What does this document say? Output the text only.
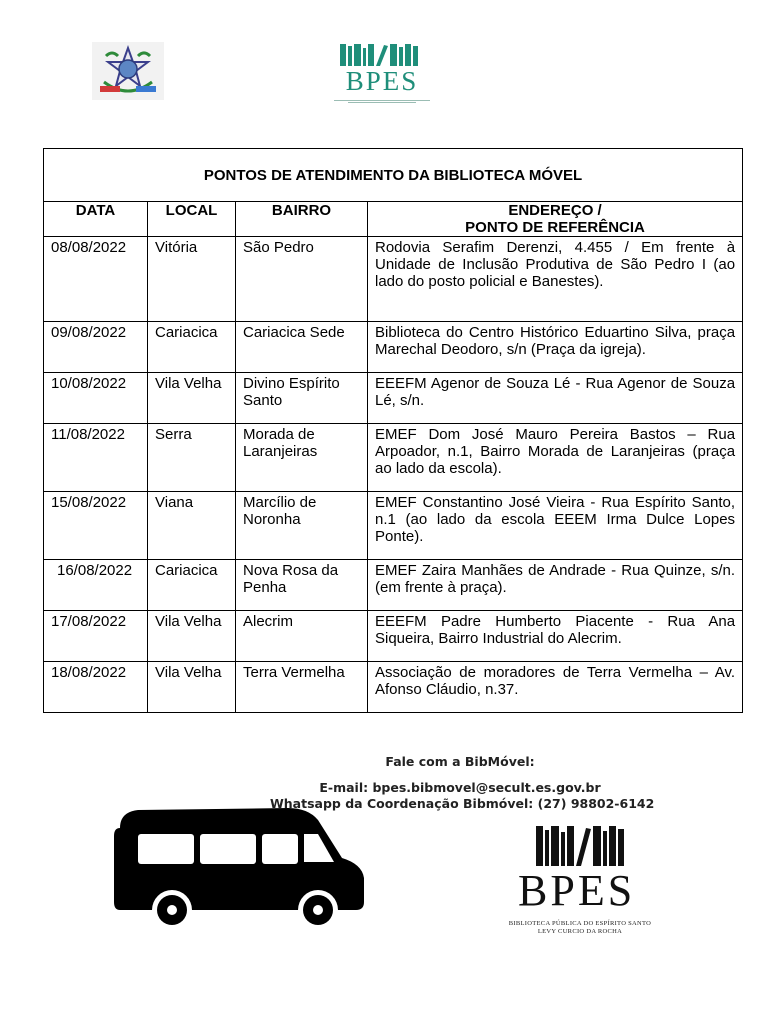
BPES
PONTOS DE ATENDIMENTO DA BIBLIOTECA MÓVEL			
DATA	LOCAL	BAIRRO	ENDEREÇO /
PONTO DE REFERÊNCIA

08/08/2022	Vitória	São Pedro	Rodovia Serafim Derenzi, 4.455 / Em frente à Unidade de Inclusão Produtiva de São Pedro I (ao lado do posto policial e Banestes).

09/08/2022	Cariacica	Cariacica Sede	Biblioteca do Centro Histórico Eduartino Silva, praça Marechal Deodoro, s/n (Praça da igreja).

10/08/2022	Vila Velha	Divino Espírito Santo	EEEFM Agenor de Souza Lé - Rua Agenor de Souza Lé, s/n.

11/08/2022	Serra	Morada de Laranjeiras	EMEF Dom José Mauro Pereira Bastos – Rua Arpoador, n.1, Bairro Morada de Laranjeiras (praça ao lado da escola).

15/08/2022	Viana	Marcílio de Noronha	EMEF Constantino José Vieira - Rua Espírito Santo, n.1 (ao lado da escola EEEM Irma Dulce Lopes Ponte).

16/08/2022	Cariacica	Nova Rosa da Penha	EMEF Zaira Manhães de Andrade - Rua Quinze, s/n. (em frente à praça).

17/08/2022	Vila Velha	Alecrim	EEEFM Padre Humberto Piacente - Rua Ana Siqueira, Bairro Industrial do Alecrim.

18/08/2022	Vila Velha	Terra Vermelha	Associação de moradores de Terra Vermelha – Av. Afonso Cláudio, n.37.
Fale com a BibMóvel:
E-mail: bpes.bibmovel@secult.es.gov.br
Whatsapp da Coordenação Bibmóvel: (27) 98802-6142
BPES
BIBLIOTECA PÚBLICA DO ESPÍRITO SANTO
LEVY CURCIO DA ROCHA
